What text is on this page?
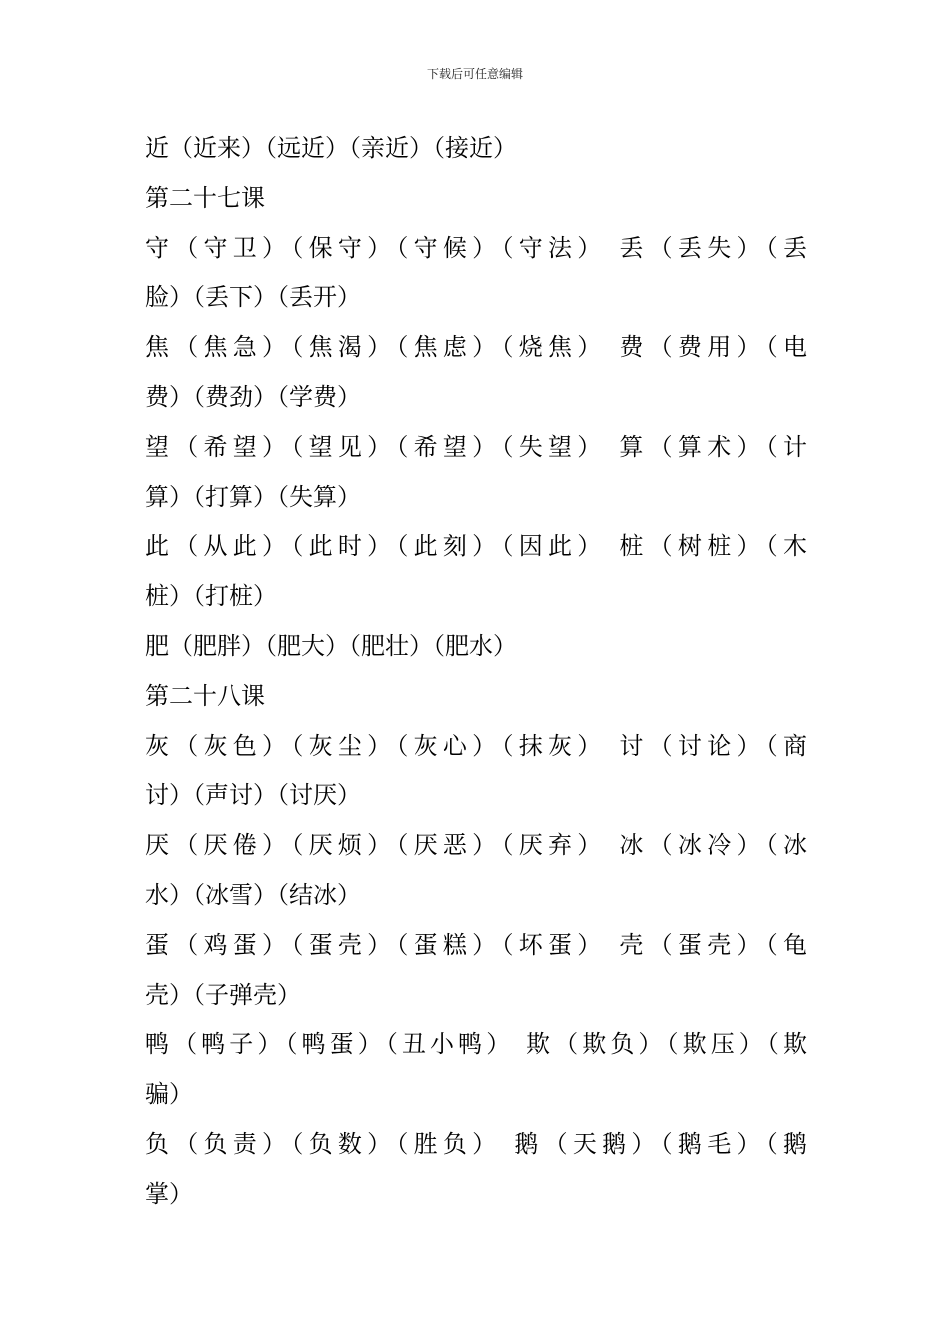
下载后可任意编辑
近（近来）（远近）（亲近）（接近）
第二十七课
守（守卫）（保守）（守候）（守法） 丢（丢失）（丢
脸）（丢下）（丢开）
焦（焦急）（焦渴）（焦虑）（烧焦） 费（费用）（电
费）（费劲）（学费）
望（希望）（望见）（希望）（失望） 算（算术）（计
算）（打算）（失算）
此（从此）（此时）（此刻）（因此） 桩（树桩）（木
桩）（打桩）
肥（肥胖）（肥大）（肥壮）（肥水）
第二十八课
灰（灰色）（灰尘）（灰心）（抹灰） 讨（讨论）（商
讨）（声讨）（讨厌）
厌（厌倦）（厌烦）（厌恶）（厌弃） 冰（冰冷）（冰
水）（冰雪）（结冰）
蛋（鸡蛋）（蛋壳）（蛋糕）（坏蛋） 壳（蛋壳）（龟
壳）（子弹壳）
鸭（鸭子）（鸭蛋）（丑小鸭） 欺（欺负）（欺压）（欺
骗）
负（负责）（负数）（胜负） 鹅（天鹅）（鹅毛）（鹅
掌）
